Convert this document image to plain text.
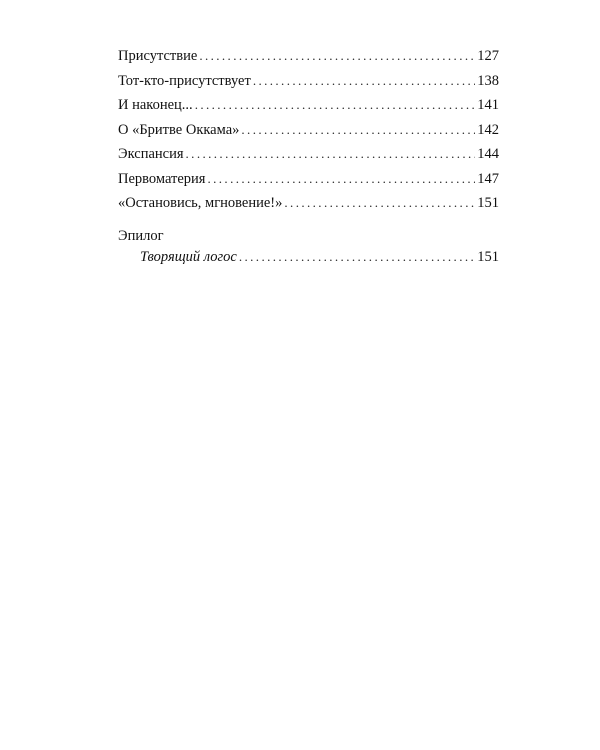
Присутствие .....	127
Тот-кто-присутствует .....	138
И наконец... .....	141
О «Бритве Оккама» .....	142
Экспансия .....	144
Первоматерия .....	147
«Остановись, мгновение!» .....	151
Эпилог
Творящий логос .....	151
